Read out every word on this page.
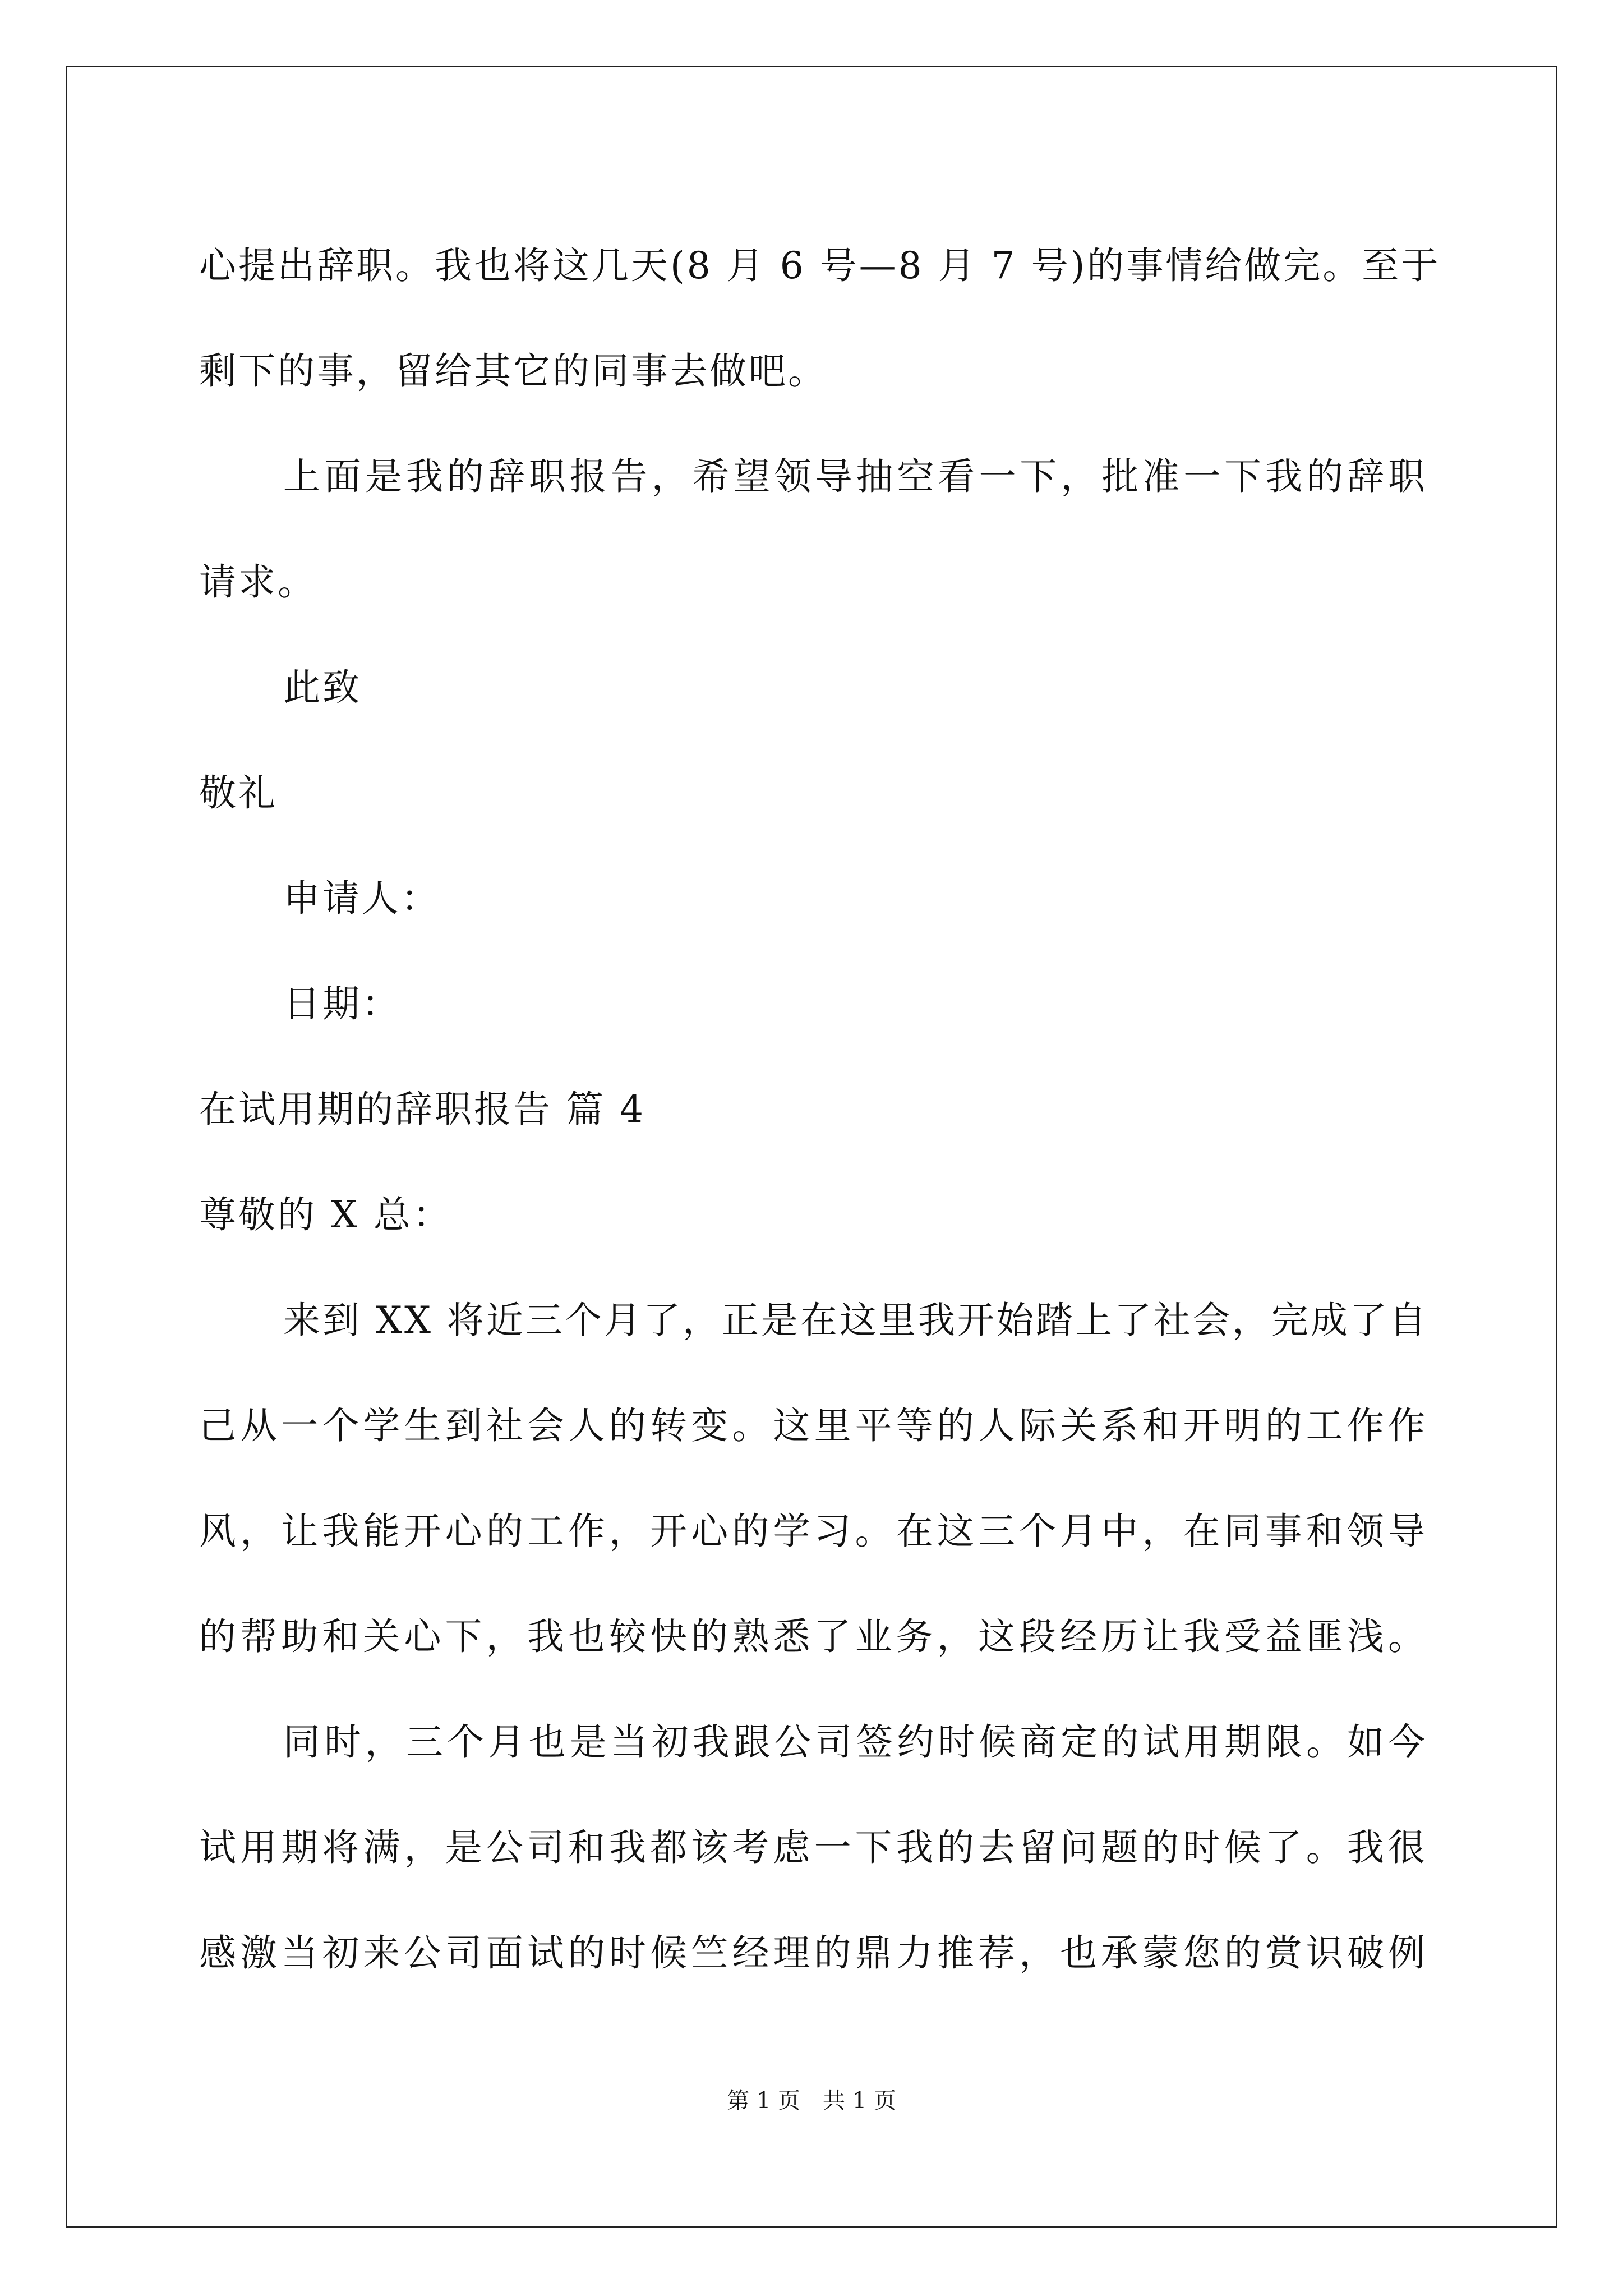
心提出辞职。我也将这几天(8 月 6 号—8 月 7 号)的事情给做完。至于
剩下的事，留给其它的同事去做吧。
上面是我的辞职报告，希望领导抽空看一下，批准一下我的辞职
请求。
此致
敬礼
申请人：
日期：
在试用期的辞职报告 篇 4
尊敬的 X 总：
来到 XX 将近三个月了，正是在这里我开始踏上了社会，完成了自
己从一个学生到社会人的转变。这里平等的人际关系和开明的工作作
风，让我能开心的工作，开心的学习。在这三个月中，在同事和领导
的帮助和关心下，我也较快的熟悉了业务，这段经历让我受益匪浅。
同时，三个月也是当初我跟公司签约时候商定的试用期限。如今
试用期将满，是公司和我都该考虑一下我的去留问题的时候了。我很
感激当初来公司面试的时候竺经理的鼎力推荐，也承蒙您的赏识破例
第 1 页　共 1 页
